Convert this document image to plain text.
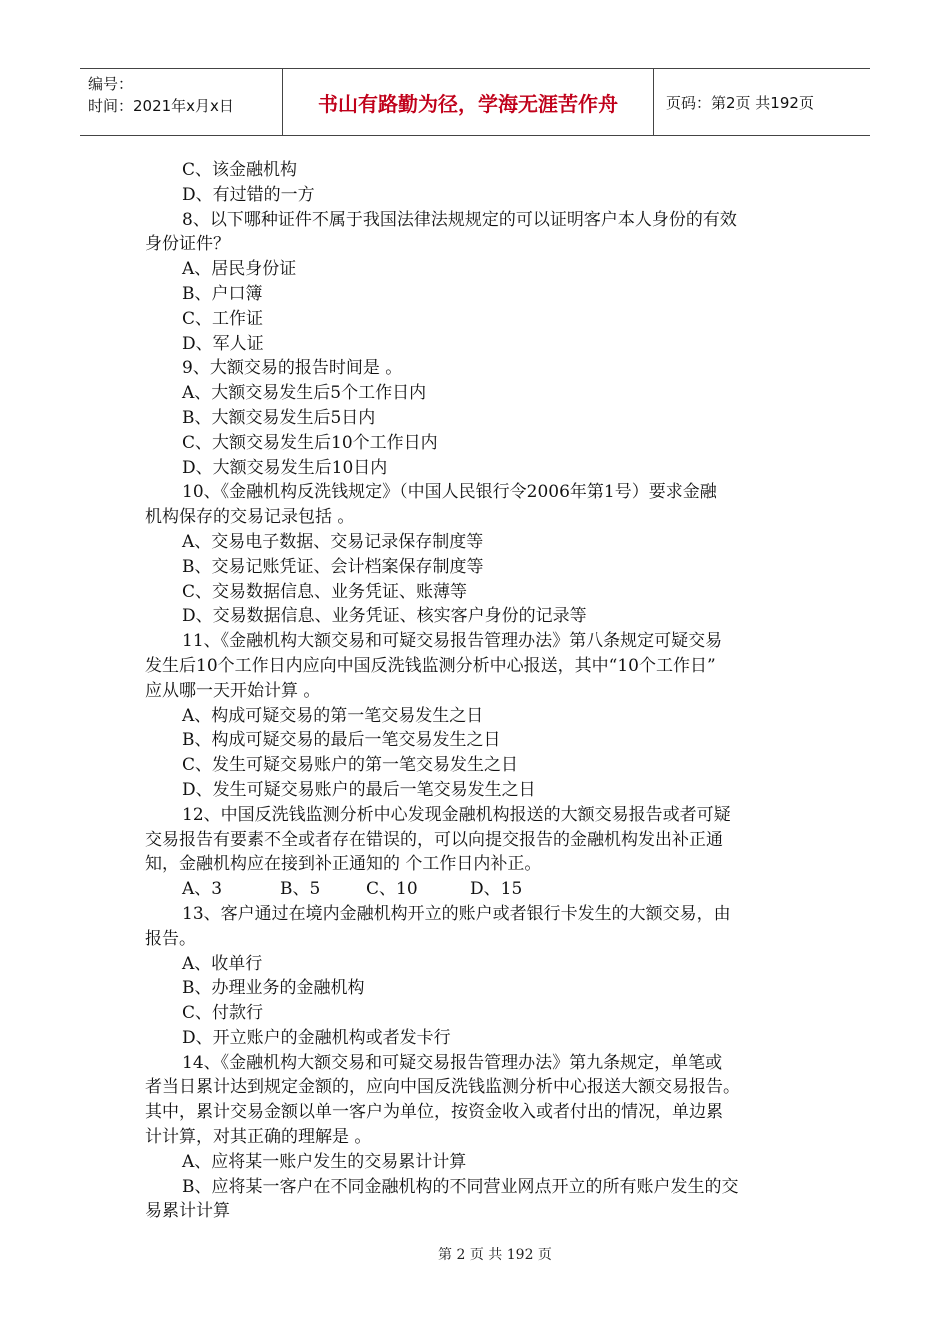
编号：
时间：2021年x月x日	书山有路勤为径，学海无涯苦作舟	页码：第2页 共192页
C、该金融机构
D、有过错的一方
8、以下哪种证件不属于我国法律法规规定的可以证明客户本人身份的有效
身份证件？
A、居民身份证
B、户口簿
C、工作证
D、军人证
9、大额交易的报告时间是 。
A、大额交易发生后5个工作日内
B、大额交易发生后5日内
C、大额交易发生后10个工作日内
D、大额交易发生后10日内
10、《金融机构反洗钱规定》（中国人民银行令2006年第1号）要求金融
机构保存的交易记录包括 。
A、交易电子数据、交易记录保存制度等
B、交易记账凭证、会计档案保存制度等
C、交易数据信息、业务凭证、账薄等
D、交易数据信息、业务凭证、核实客户身份的记录等
11、《金融机构大额交易和可疑交易报告管理办法》第八条规定可疑交易
发生后10个工作日内应向中国反洗钱监测分析中心报送，其中“10个工作日”
应从哪一天开始计算 。
A、构成可疑交易的第一笔交易发生之日
B、构成可疑交易的最后一笔交易发生之日
C、发生可疑交易账户的第一笔交易发生之日
D、发生可疑交易账户的最后一笔交易发生之日
12、中国反洗钱监测分析中心发现金融机构报送的大额交易报告或者可疑
交易报告有要素不全或者存在错误的，可以向提交报告的金融机构发出补正通
知，金融机构应在接到补正通知的 个工作日内补正。
A、3	B、5	C、10	D、15
13、客户通过在境内金融机构开立的账户或者银行卡发生的大额交易，由
报告。
A、收单行
B、办理业务的金融机构
C、付款行
D、开立账户的金融机构或者发卡行
14、《金融机构大额交易和可疑交易报告管理办法》第九条规定，单笔或
者当日累计达到规定金额的，应向中国反洗钱监测分析中心报送大额交易报告。
其中，累计交易金额以单一客户为单位，按资金收入或者付出的情况，单边累
计计算，对其正确的理解是 。
A、应将某一账户发生的交易累计计算
B、应将某一客户在不同金融机构的不同营业网点开立的所有账户发生的交
易累计计算
第 2 页 共 192 页
